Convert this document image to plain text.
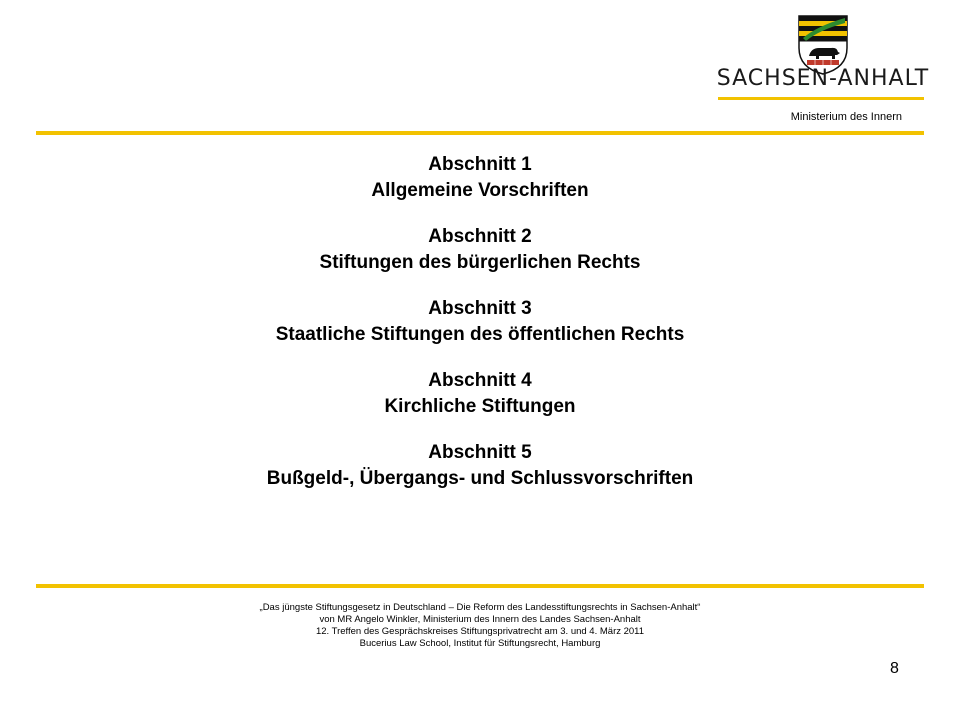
SACHSEN-ANHALT
Ministerium des Innern
Abschnitt 1
Allgemeine Vorschriften
Abschnitt 2
Stiftungen des bürgerlichen Rechts
Abschnitt 3
Staatliche Stiftungen des öffentlichen Rechts
Abschnitt 4
Kirchliche Stiftungen
Abschnitt 5
Bußgeld-, Übergangs- und Schlussvorschriften
„Das jüngste Stiftungsgesetz in Deutschland – Die Reform des Landesstiftungsrechts in Sachsen-Anhalt“
von MR Angelo Winkler, Ministerium des Innern des Landes Sachsen-Anhalt
12. Treffen des Gesprächskreises Stiftungsprivatrecht am 3. und 4. März 2011
Bucerius Law School, Institut für Stiftungsrecht, Hamburg
8
